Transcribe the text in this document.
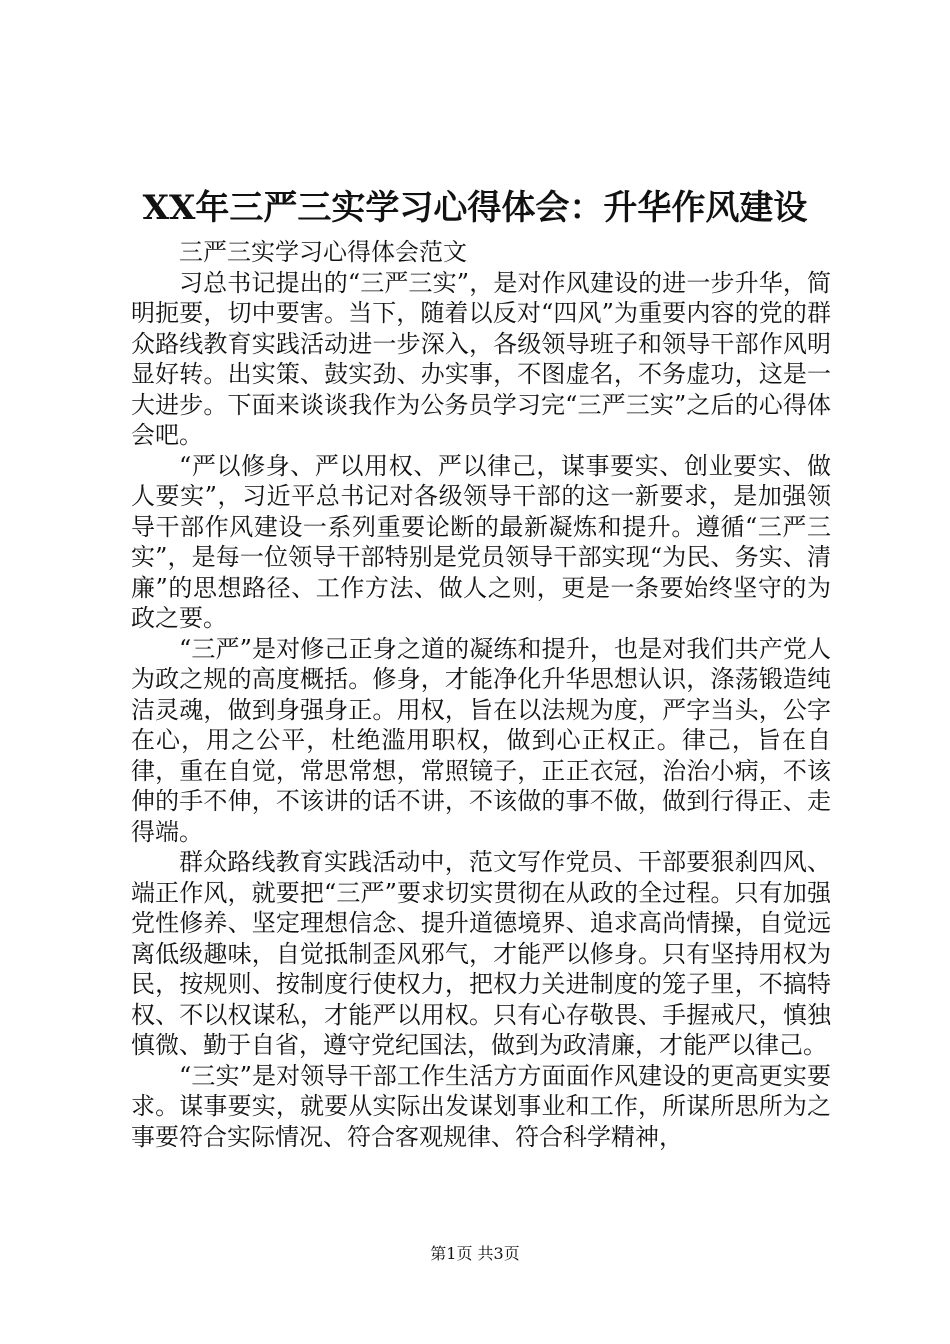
XX年三严三实学习心得体会：升华作风建设

三严三实学习心得体会范文

习总书记提出的“三严三实”，是对作风建设的进一步升华，简明扼要，切中要害。当下，随着以反对“四风”为重要内容的党的群众路线教育实践活动进一步深入，各级领导班子和领导干部作风明显好转。出实策、鼓实劲、办实事，不图虚名，不务虚功，这是一大进步。下面来谈谈我作为公务员学习完“三严三实”之后的心得体会吧。

“严以修身、严以用权、严以律己，谋事要实、创业要实、做人要实”，习近平总书记对各级领导干部的这一新要求，是加强领导干部作风建设一系列重要论断的最新凝炼和提升。遵循“三严三实”，是每一位领导干部特别是党员领导干部实现“为民、务实、清廉”的思想路径、工作方法、做人之则，更是一条要始终坚守的为政之要。

“三严”是对修己正身之道的凝练和提升，也是对我们共产党人为政之规的高度概括。修身，才能净化升华思想认识，涤荡锻造纯洁灵魂，做到身强身正。用权，旨在以法规为度，严字当头，公字在心，用之公平，杜绝滥用职权，做到心正权正。律己，旨在自律，重在自觉，常思常想，常照镜子，正正衣冠，治治小病，不该伸的手不伸，不该讲的话不讲，不该做的事不做，做到行得正、走得端。

群众路线教育实践活动中，范文写作党员、干部要狠刹四风、端正作风，就要把“三严”要求切实贯彻在从政的全过程。只有加强党性修养、坚定理想信念、提升道德境界、追求高尚情操，自觉远离低级趣味，自觉抵制歪风邪气，才能严以修身。只有坚持用权为民，按规则、按制度行使权力，把权力关进制度的笼子里，不搞特权、不以权谋私，才能严以用权。只有心存敬畏、手握戒尺，慎独慎微、勤于自省，遵守党纪国法，做到为政清廉，才能严以律己。

“三实”是对领导干部工作生活方方面面作风建设的更高更实要求。谋事要实，就要从实际出发谋划事业和工作，所谋所思所为之事要符合实际情况、符合客观规律、符合科学精神，

第1页 共3页
